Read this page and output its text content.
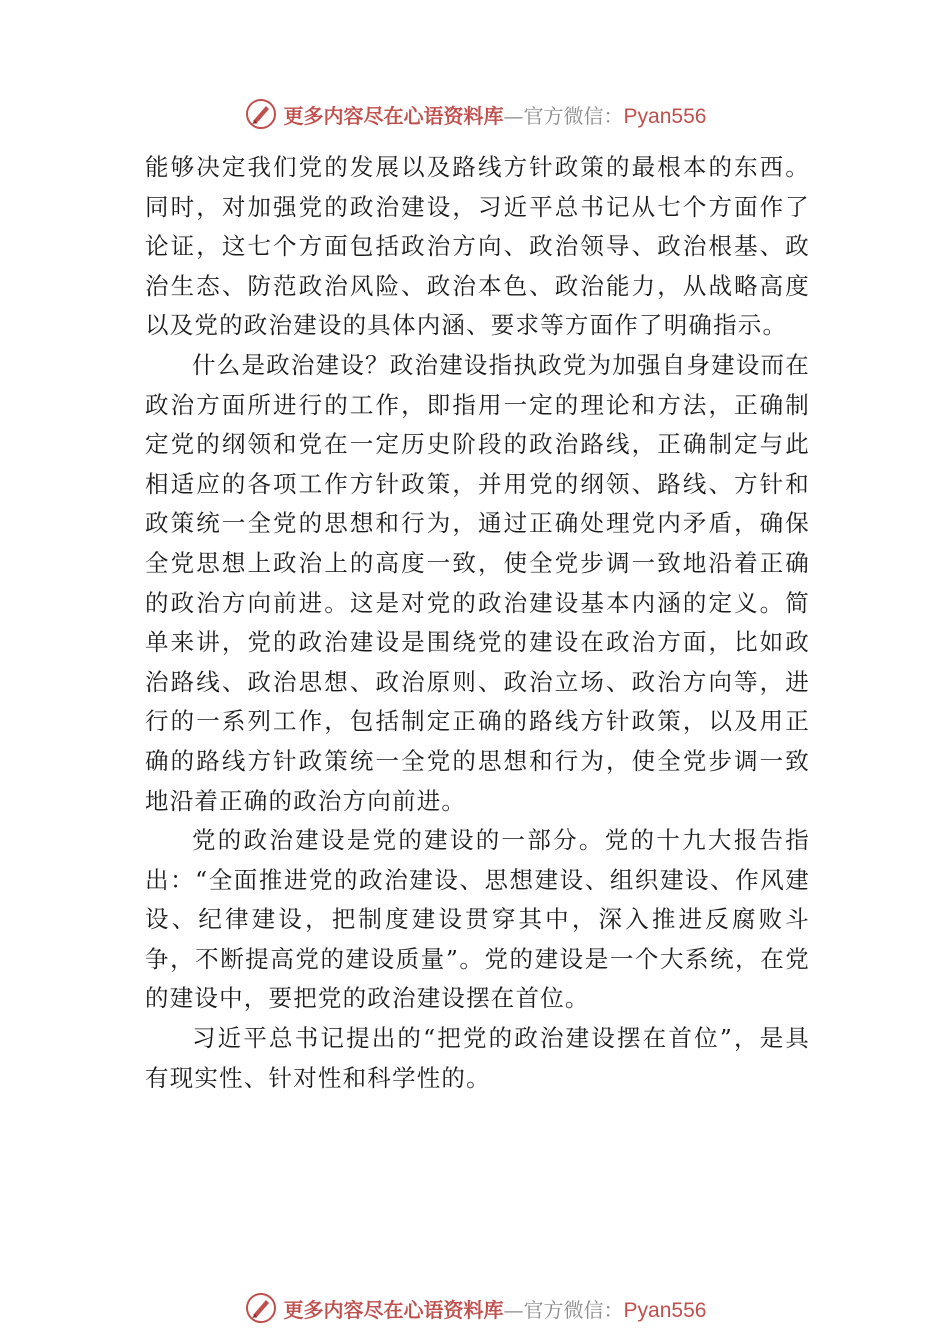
更多内容尽在心语资料库—官方微信：Pyan556

能够决定我们党的发展以及路线方针政策的最根本的东西。同时，对加强党的政治建设，习近平总书记从七个方面作了论证，这七个方面包括政治方向、政治领导、政治根基、政治生态、防范政治风险、政治本色、政治能力，从战略高度以及党的政治建设的具体内涵、要求等方面作了明确指示。

什么是政治建设？政治建设指执政党为加强自身建设而在政治方面所进行的工作，即指用一定的理论和方法，正确制定党的纲领和党在一定历史阶段的政治路线，正确制定与此相适应的各项工作方针政策，并用党的纲领、路线、方针和政策统一全党的思想和行为，通过正确处理党内矛盾，确保全党思想上政治上的高度一致，使全党步调一致地沿着正确的政治方向前进。这是对党的政治建设基本内涵的定义。简单来讲，党的政治建设是围绕党的建设在政治方面，比如政治路线、政治思想、政治原则、政治立场、政治方向等，进行的一系列工作，包括制定正确的路线方针政策，以及用正确的路线方针政策统一全党的思想和行为，使全党步调一致地沿着正确的政治方向前进。

党的政治建设是党的建设的一部分。党的十九大报告指出：“全面推进党的政治建设、思想建设、组织建设、作风建设、纪律建设，把制度建设贯穿其中，深入推进反腐败斗争，不断提高党的建设质量”。党的建设是一个大系统，在党的建设中，要把党的政治建设摆在首位。

习近平总书记提出的“把党的政治建设摆在首位”，是具有现实性、针对性和科学性的。

更多内容尽在心语资料库—官方微信：Pyan556
